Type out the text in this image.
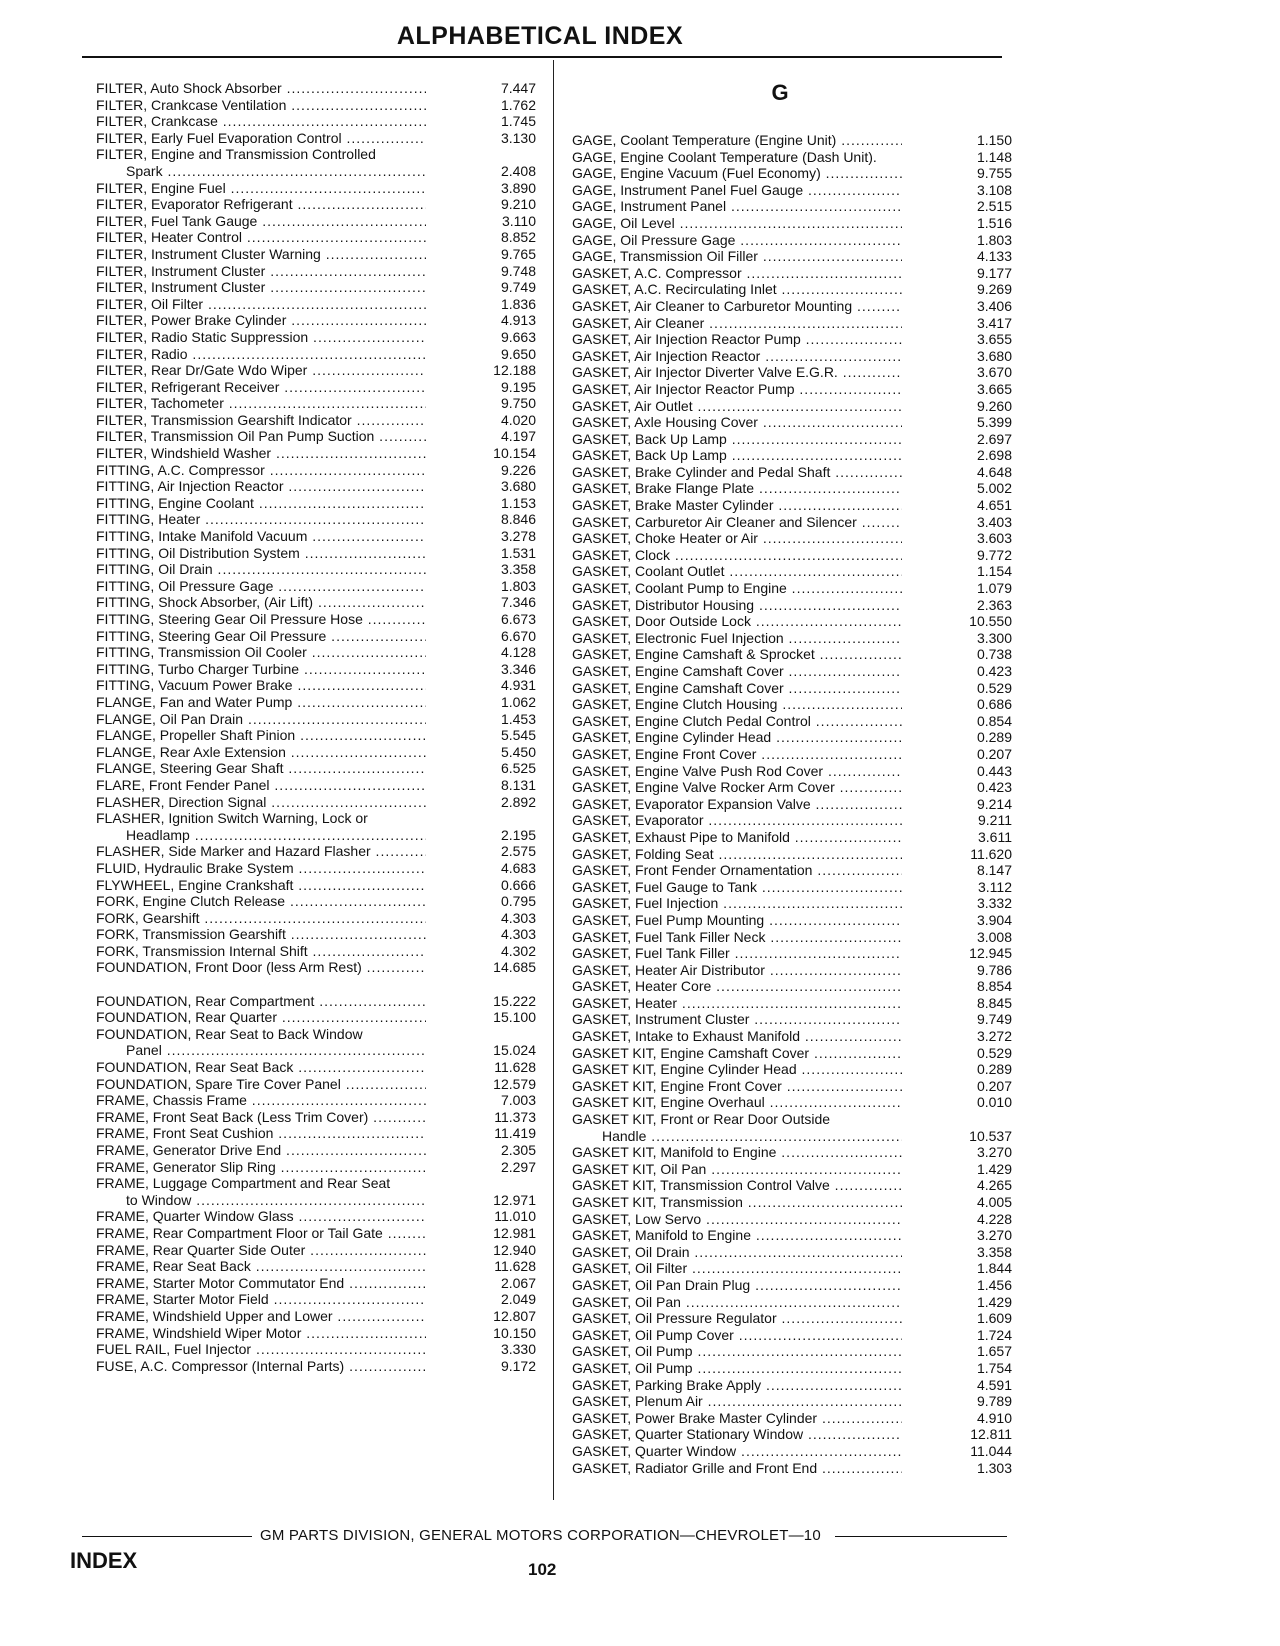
ALPHABETICAL INDEX
FILTER, Auto Shock Absorber .....	7.447
FILTER, Crankcase Ventilation .....	1.762
FILTER, Crankcase .....	1.745
FILTER, Early Fuel Evaporation Control .....	3.130
FILTER, Engine and Transmission Controlled
Spark .....	2.408
FILTER, Engine Fuel .....	3.890
FILTER, Evaporator Refrigerant .....	9.210
FILTER, Fuel Tank Gauge .....	3.110
FILTER, Heater Control .....	8.852
FILTER, Instrument Cluster Warning .....	9.765
FILTER, Instrument Cluster .....	9.748
FILTER, Instrument Cluster .....	9.749
FILTER, Oil Filter .....	1.836
FILTER, Power Brake Cylinder .....	4.913
FILTER, Radio Static Suppression .....	9.663
FILTER, Radio .....	9.650
FILTER, Rear Dr/Gate Wdo Wiper .....	12.188
FILTER, Refrigerant Receiver .....	9.195
FILTER, Tachometer .....	9.750
FILTER, Transmission Gearshift Indicator .....	4.020
FILTER, Transmission Oil Pan Pump Suction .....	4.197
FILTER, Windshield Washer .....	10.154
FITTING, A.C. Compressor .....	9.226
FITTING, Air Injection Reactor .....	3.680
FITTING, Engine Coolant .....	1.153
FITTING, Heater .....	8.846
FITTING, Intake Manifold Vacuum .....	3.278
FITTING, Oil Distribution System .....	1.531
FITTING, Oil Drain .....	3.358
FITTING, Oil Pressure Gage .....	1.803
FITTING, Shock Absorber, (Air Lift) .....	7.346
FITTING, Steering Gear Oil Pressure Hose .....	6.673
FITTING, Steering Gear Oil Pressure .....	6.670
FITTING, Transmission Oil Cooler .....	4.128
FITTING, Turbo Charger Turbine .....	3.346
FITTING, Vacuum Power Brake .....	4.931
FLANGE, Fan and Water Pump .....	1.062
FLANGE, Oil Pan Drain .....	1.453
FLANGE, Propeller Shaft Pinion .....	5.545
FLANGE, Rear Axle Extension .....	5.450
FLANGE, Steering Gear Shaft .....	6.525
FLARE, Front Fender Panel .....	8.131
FLASHER, Direction Signal .....	2.892
FLASHER, Ignition Switch Warning, Lock or
Headlamp .....	2.195
FLASHER, Side Marker and Hazard Flasher .....	2.575
FLUID, Hydraulic Brake System .....	4.683
FLYWHEEL, Engine Crankshaft .....	0.666
FORK, Engine Clutch Release .....	0.795
FORK, Gearshift .....	4.303
FORK, Transmission Gearshift .....	4.303
FORK, Transmission Internal Shift .....	4.302
FOUNDATION, Front Door (less Arm Rest) .....	14.685
FOUNDATION, Rear Compartment .....	15.222
FOUNDATION, Rear Quarter .....	15.100
FOUNDATION, Rear Seat to Back Window
Panel .....	15.024
FOUNDATION, Rear Seat Back .....	11.628
FOUNDATION, Spare Tire Cover Panel .....	12.579
FRAME, Chassis Frame .....	7.003
FRAME, Front Seat Back (Less Trim Cover) .....	11.373
FRAME, Front Seat Cushion .....	11.419
FRAME, Generator Drive End .....	2.305
FRAME, Generator Slip Ring .....	2.297
FRAME, Luggage Compartment and Rear Seat
to Window .....	12.971
FRAME, Quarter Window Glass .....	11.010
FRAME, Rear Compartment Floor or Tail Gate .....	12.981
FRAME, Rear Quarter Side Outer .....	12.940
FRAME, Rear Seat Back .....	11.628
FRAME, Starter Motor Commutator End .....	2.067
FRAME, Starter Motor Field .....	2.049
FRAME, Windshield Upper and Lower .....	12.807
FRAME, Windshield Wiper Motor .....	10.150
FUEL RAIL, Fuel Injector .....	3.330
FUSE, A.C. Compressor (Internal Parts) .....	9.172
G
GAGE, Coolant Temperature (Engine Unit) .....	1.150
GAGE, Engine Coolant Temperature (Dash Unit).	1.148
GAGE, Engine Vacuum (Fuel Economy) .....	9.755
GAGE, Instrument Panel Fuel Gauge .....	3.108
GAGE, Instrument Panel .....	2.515
GAGE, Oil Level .....	1.516
GAGE, Oil Pressure Gage .....	1.803
GAGE, Transmission Oil Filler .....	4.133
GASKET, A.C. Compressor .....	9.177
GASKET, A.C. Recirculating Inlet .....	9.269
GASKET, Air Cleaner to Carburetor Mounting .....	3.406
GASKET, Air Cleaner .....	3.417
GASKET, Air Injection Reactor Pump .....	3.655
GASKET, Air Injection Reactor .....	3.680
GASKET, Air Injector Diverter Valve E.G.R. .....	3.670
GASKET, Air Injector Reactor Pump .....	3.665
GASKET, Air Outlet .....	9.260
GASKET, Axle Housing Cover .....	5.399
GASKET, Back Up Lamp .....	2.697
GASKET, Back Up Lamp .....	2.698
GASKET, Brake Cylinder and Pedal Shaft .....	4.648
GASKET, Brake Flange Plate .....	5.002
GASKET, Brake Master Cylinder .....	4.651
GASKET, Carburetor Air Cleaner and Silencer .....	3.403
GASKET, Choke Heater or Air .....	3.603
GASKET, Clock .....	9.772
GASKET, Coolant Outlet .....	1.154
GASKET, Coolant Pump to Engine .....	1.079
GASKET, Distributor Housing .....	2.363
GASKET, Door Outside Lock .....	10.550
GASKET, Electronic Fuel Injection .....	3.300
GASKET, Engine Camshaft & Sprocket .....	0.738
GASKET, Engine Camshaft Cover .....	0.423
GASKET, Engine Camshaft Cover .....	0.529
GASKET, Engine Clutch Housing .....	0.686
GASKET, Engine Clutch Pedal Control .....	0.854
GASKET, Engine Cylinder Head .....	0.289
GASKET, Engine Front Cover .....	0.207
GASKET, Engine Valve Push Rod Cover .....	0.443
GASKET, Engine Valve Rocker Arm Cover .....	0.423
GASKET, Evaporator Expansion Valve .....	9.214
GASKET, Evaporator .....	9.211
GASKET, Exhaust Pipe to Manifold .....	3.611
GASKET, Folding Seat .....	11.620
GASKET, Front Fender Ornamentation .....	8.147
GASKET, Fuel Gauge to Tank .....	3.112
GASKET, Fuel Injection .....	3.332
GASKET, Fuel Pump Mounting .....	3.904
GASKET, Fuel Tank Filler Neck .....	3.008
GASKET, Fuel Tank Filler .....	12.945
GASKET, Heater Air Distributor .....	9.786
GASKET, Heater Core .....	8.854
GASKET, Heater .....	8.845
GASKET, Instrument Cluster .....	9.749
GASKET, Intake to Exhaust Manifold .....	3.272
GASKET KIT, Engine Camshaft Cover .....	0.529
GASKET KIT, Engine Cylinder Head .....	0.289
GASKET KIT, Engine Front Cover .....	0.207
GASKET KIT, Engine Overhaul .....	0.010
GASKET KIT, Front or Rear Door Outside
Handle .....	10.537
GASKET KIT, Manifold to Engine .....	3.270
GASKET KIT, Oil Pan .....	1.429
GASKET KIT, Transmission Control Valve .....	4.265
GASKET KIT, Transmission .....	4.005
GASKET, Low Servo .....	4.228
GASKET, Manifold to Engine .....	3.270
GASKET, Oil Drain .....	3.358
GASKET, Oil Filter .....	1.844
GASKET, Oil Pan Drain Plug .....	1.456
GASKET, Oil Pan .....	1.429
GASKET, Oil Pressure Regulator .....	1.609
GASKET, Oil Pump Cover .....	1.724
GASKET, Oil Pump .....	1.657
GASKET, Oil Pump .....	1.754
GASKET, Parking Brake Apply .....	4.591
GASKET, Plenum Air .....	9.789
GASKET, Power Brake Master Cylinder .....	4.910
GASKET, Quarter Stationary Window .....	12.811
GASKET, Quarter Window .....	11.044
GASKET, Radiator Grille and Front End .....	1.303
GM PARTS DIVISION, GENERAL MOTORS CORPORATION—CHEVROLET—10
INDEX	102
